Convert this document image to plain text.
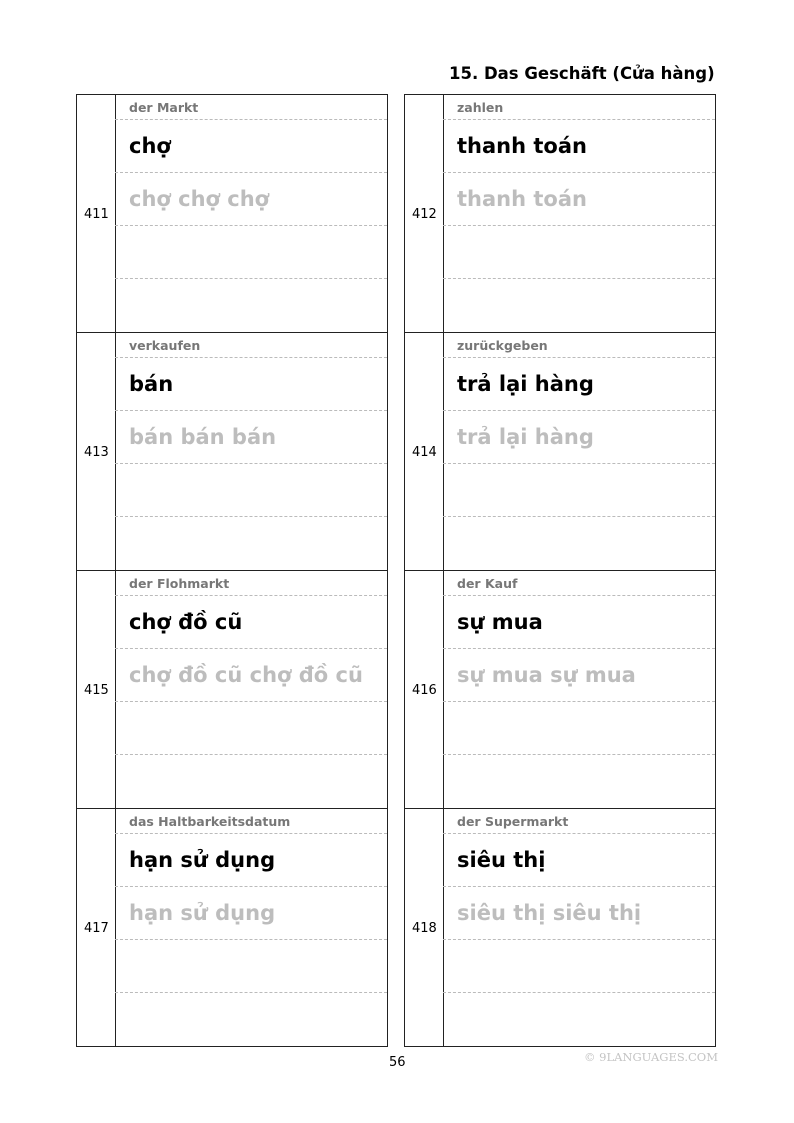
15. Das Geschäft (Cửa hàng)
411
der Markt
chợ
chợ chợ chợ
413
verkaufen
bán
bán bán bán
415
der Flohmarkt
chợ đồ cũ
chợ đồ cũ chợ đồ cũ
417
das Haltbarkeitsdatum
hạn sử dụng
hạn sử dụng
412
zahlen
thanh toán
thanh toán
414
zurückgeben
trả lại hàng
trả lại hàng
416
der Kauf
sự mua
sự mua sự mua
418
der Supermarkt
siêu thị
siêu thị siêu thị
56	© 9LANGUAGES.COM
